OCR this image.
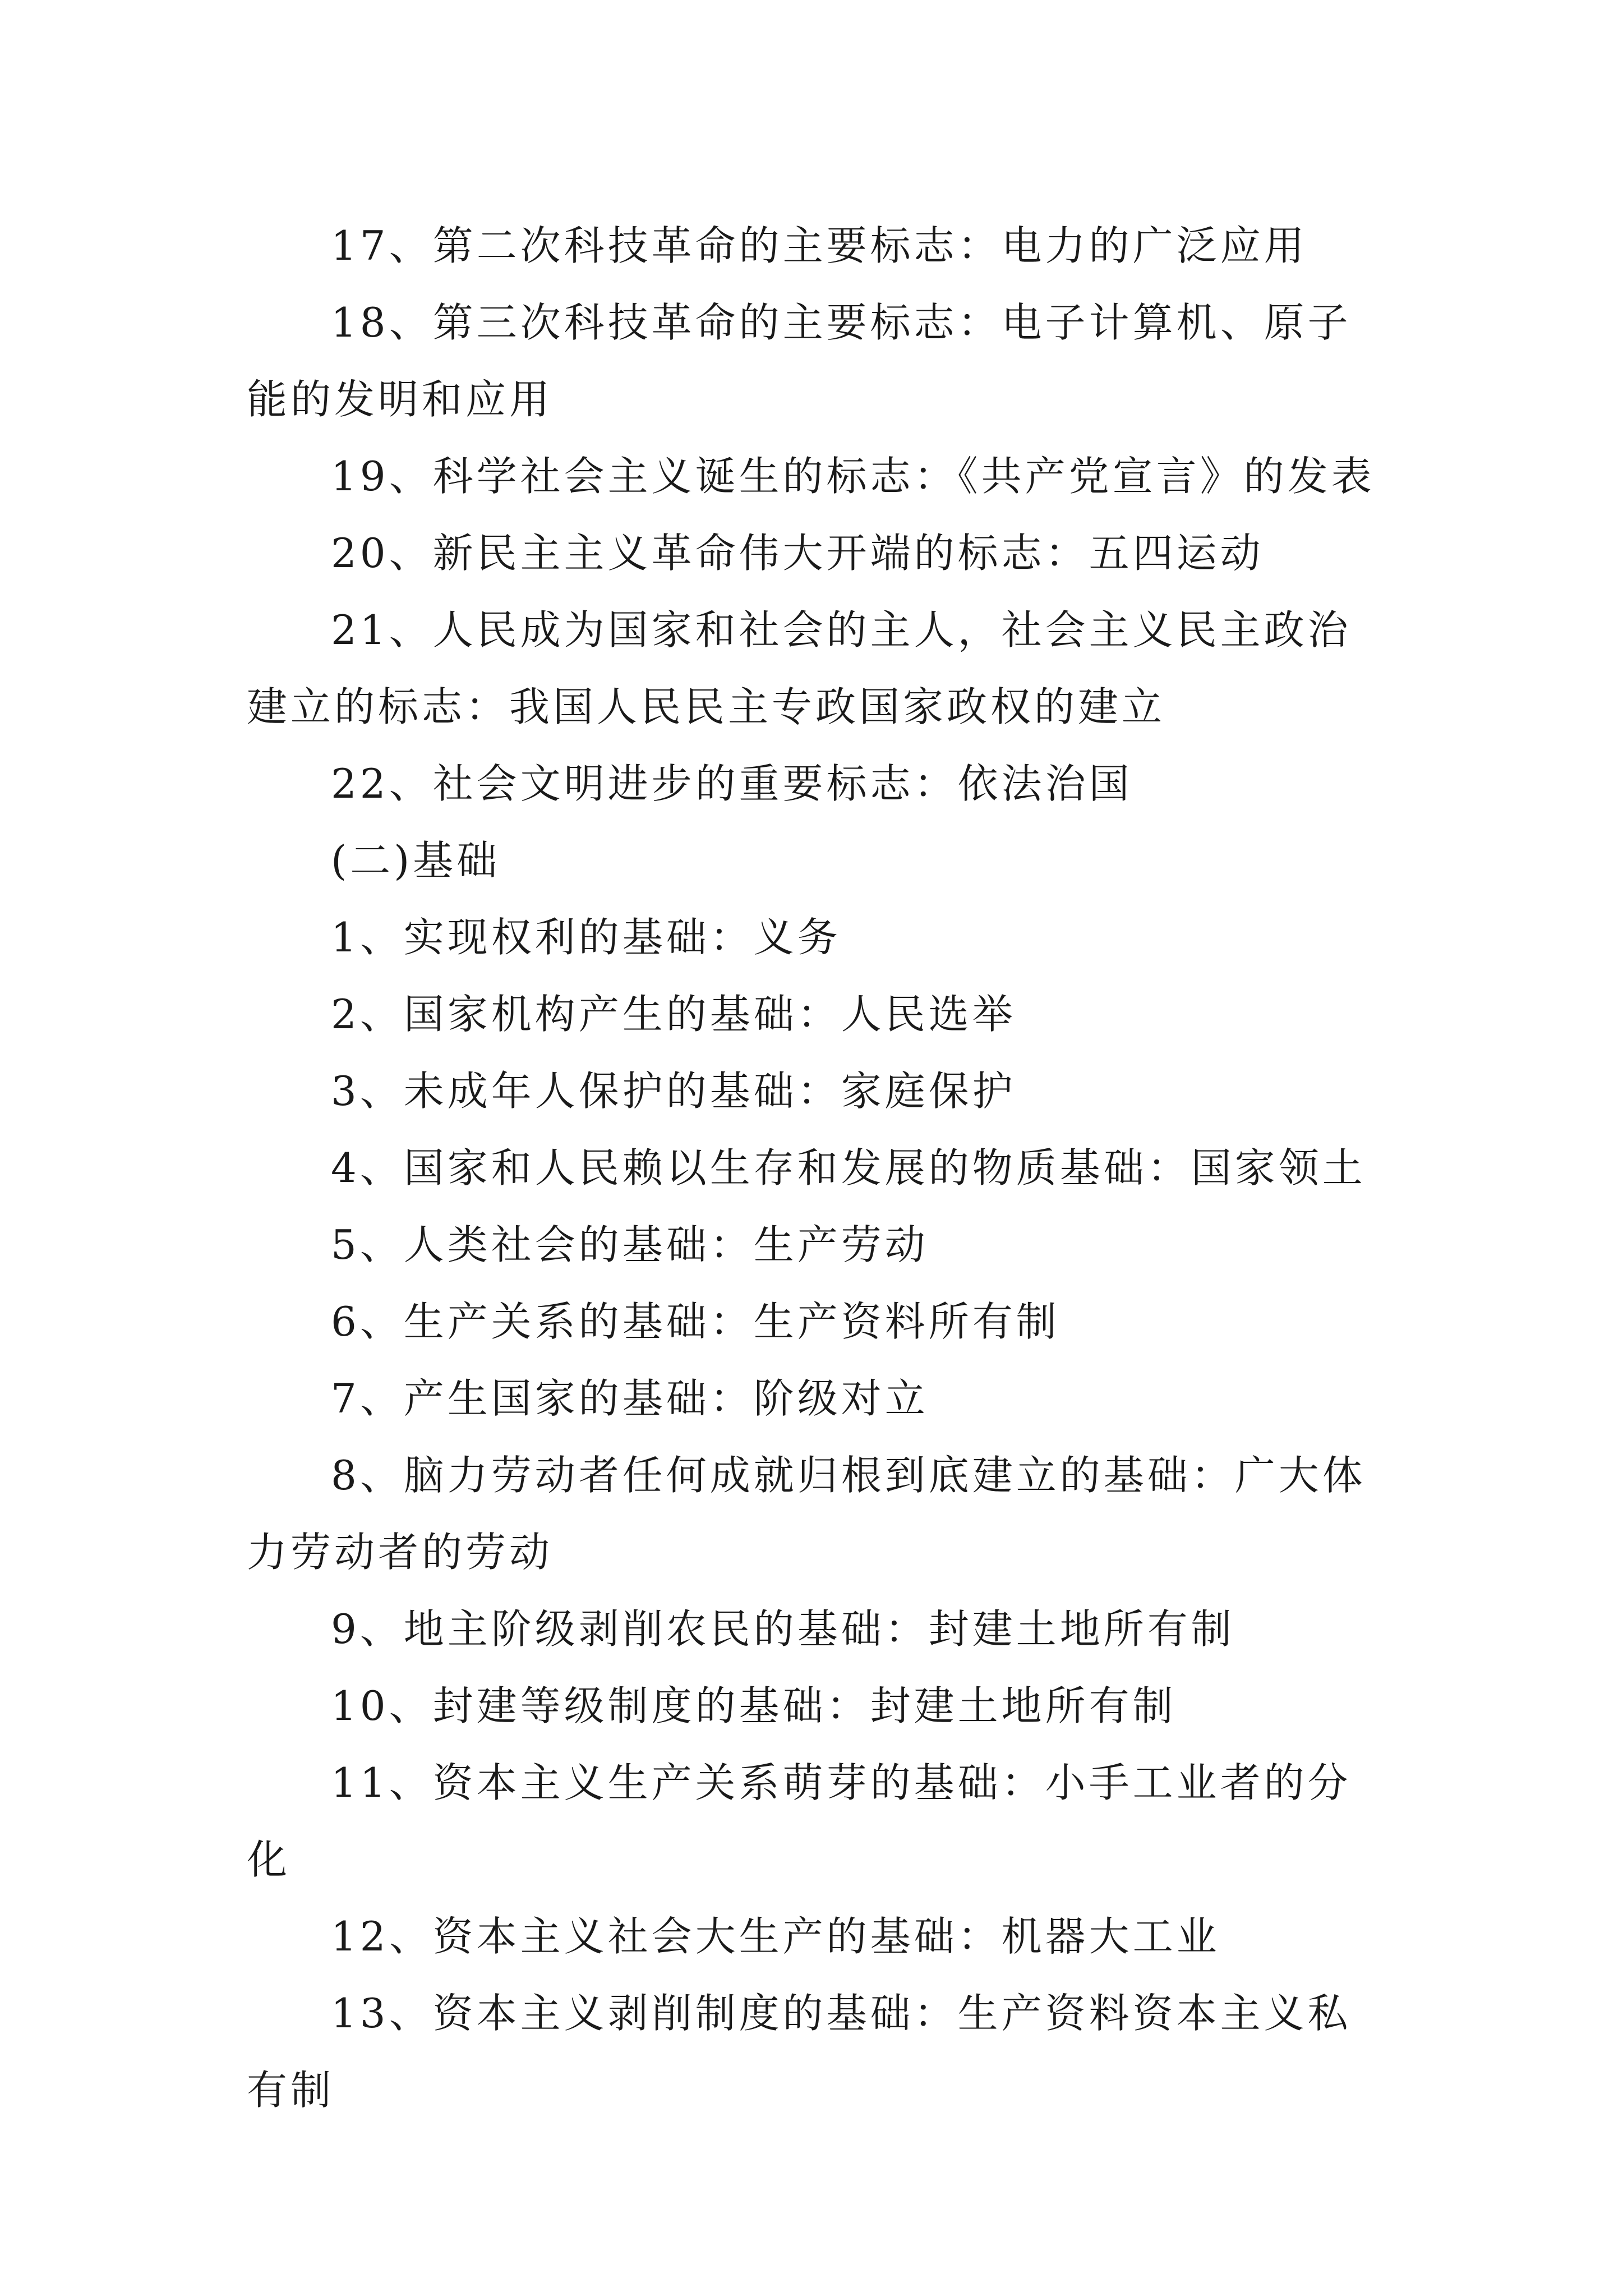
17、第二次科技革命的主要标志：电力的广泛应用

18、第三次科技革命的主要标志：电子计算机、原子能的发明和应用

19、科学社会主义诞生的标志：《共产党宣言》的发表

20、新民主主义革命伟大开端的标志：五四运动

21、人民成为国家和社会的主人，社会主义民主政治建立的标志：我国人民民主专政国家政权的建立

22、社会文明进步的重要标志：依法治国

(二)基础

1、实现权利的基础：义务

2、国家机构产生的基础：人民选举

3、未成年人保护的基础：家庭保护

4、国家和人民赖以生存和发展的物质基础：国家领土

5、人类社会的基础：生产劳动

6、生产关系的基础：生产资料所有制

7、产生国家的基础：阶级对立

8、脑力劳动者任何成就归根到底建立的基础：广大体力劳动者的劳动

9、地主阶级剥削农民的基础：封建土地所有制

10、封建等级制度的基础：封建土地所有制

11、资本主义生产关系萌芽的基础：小手工业者的分化

12、资本主义社会大生产的基础：机器大工业

13、资本主义剥削制度的基础：生产资料资本主义私有制
